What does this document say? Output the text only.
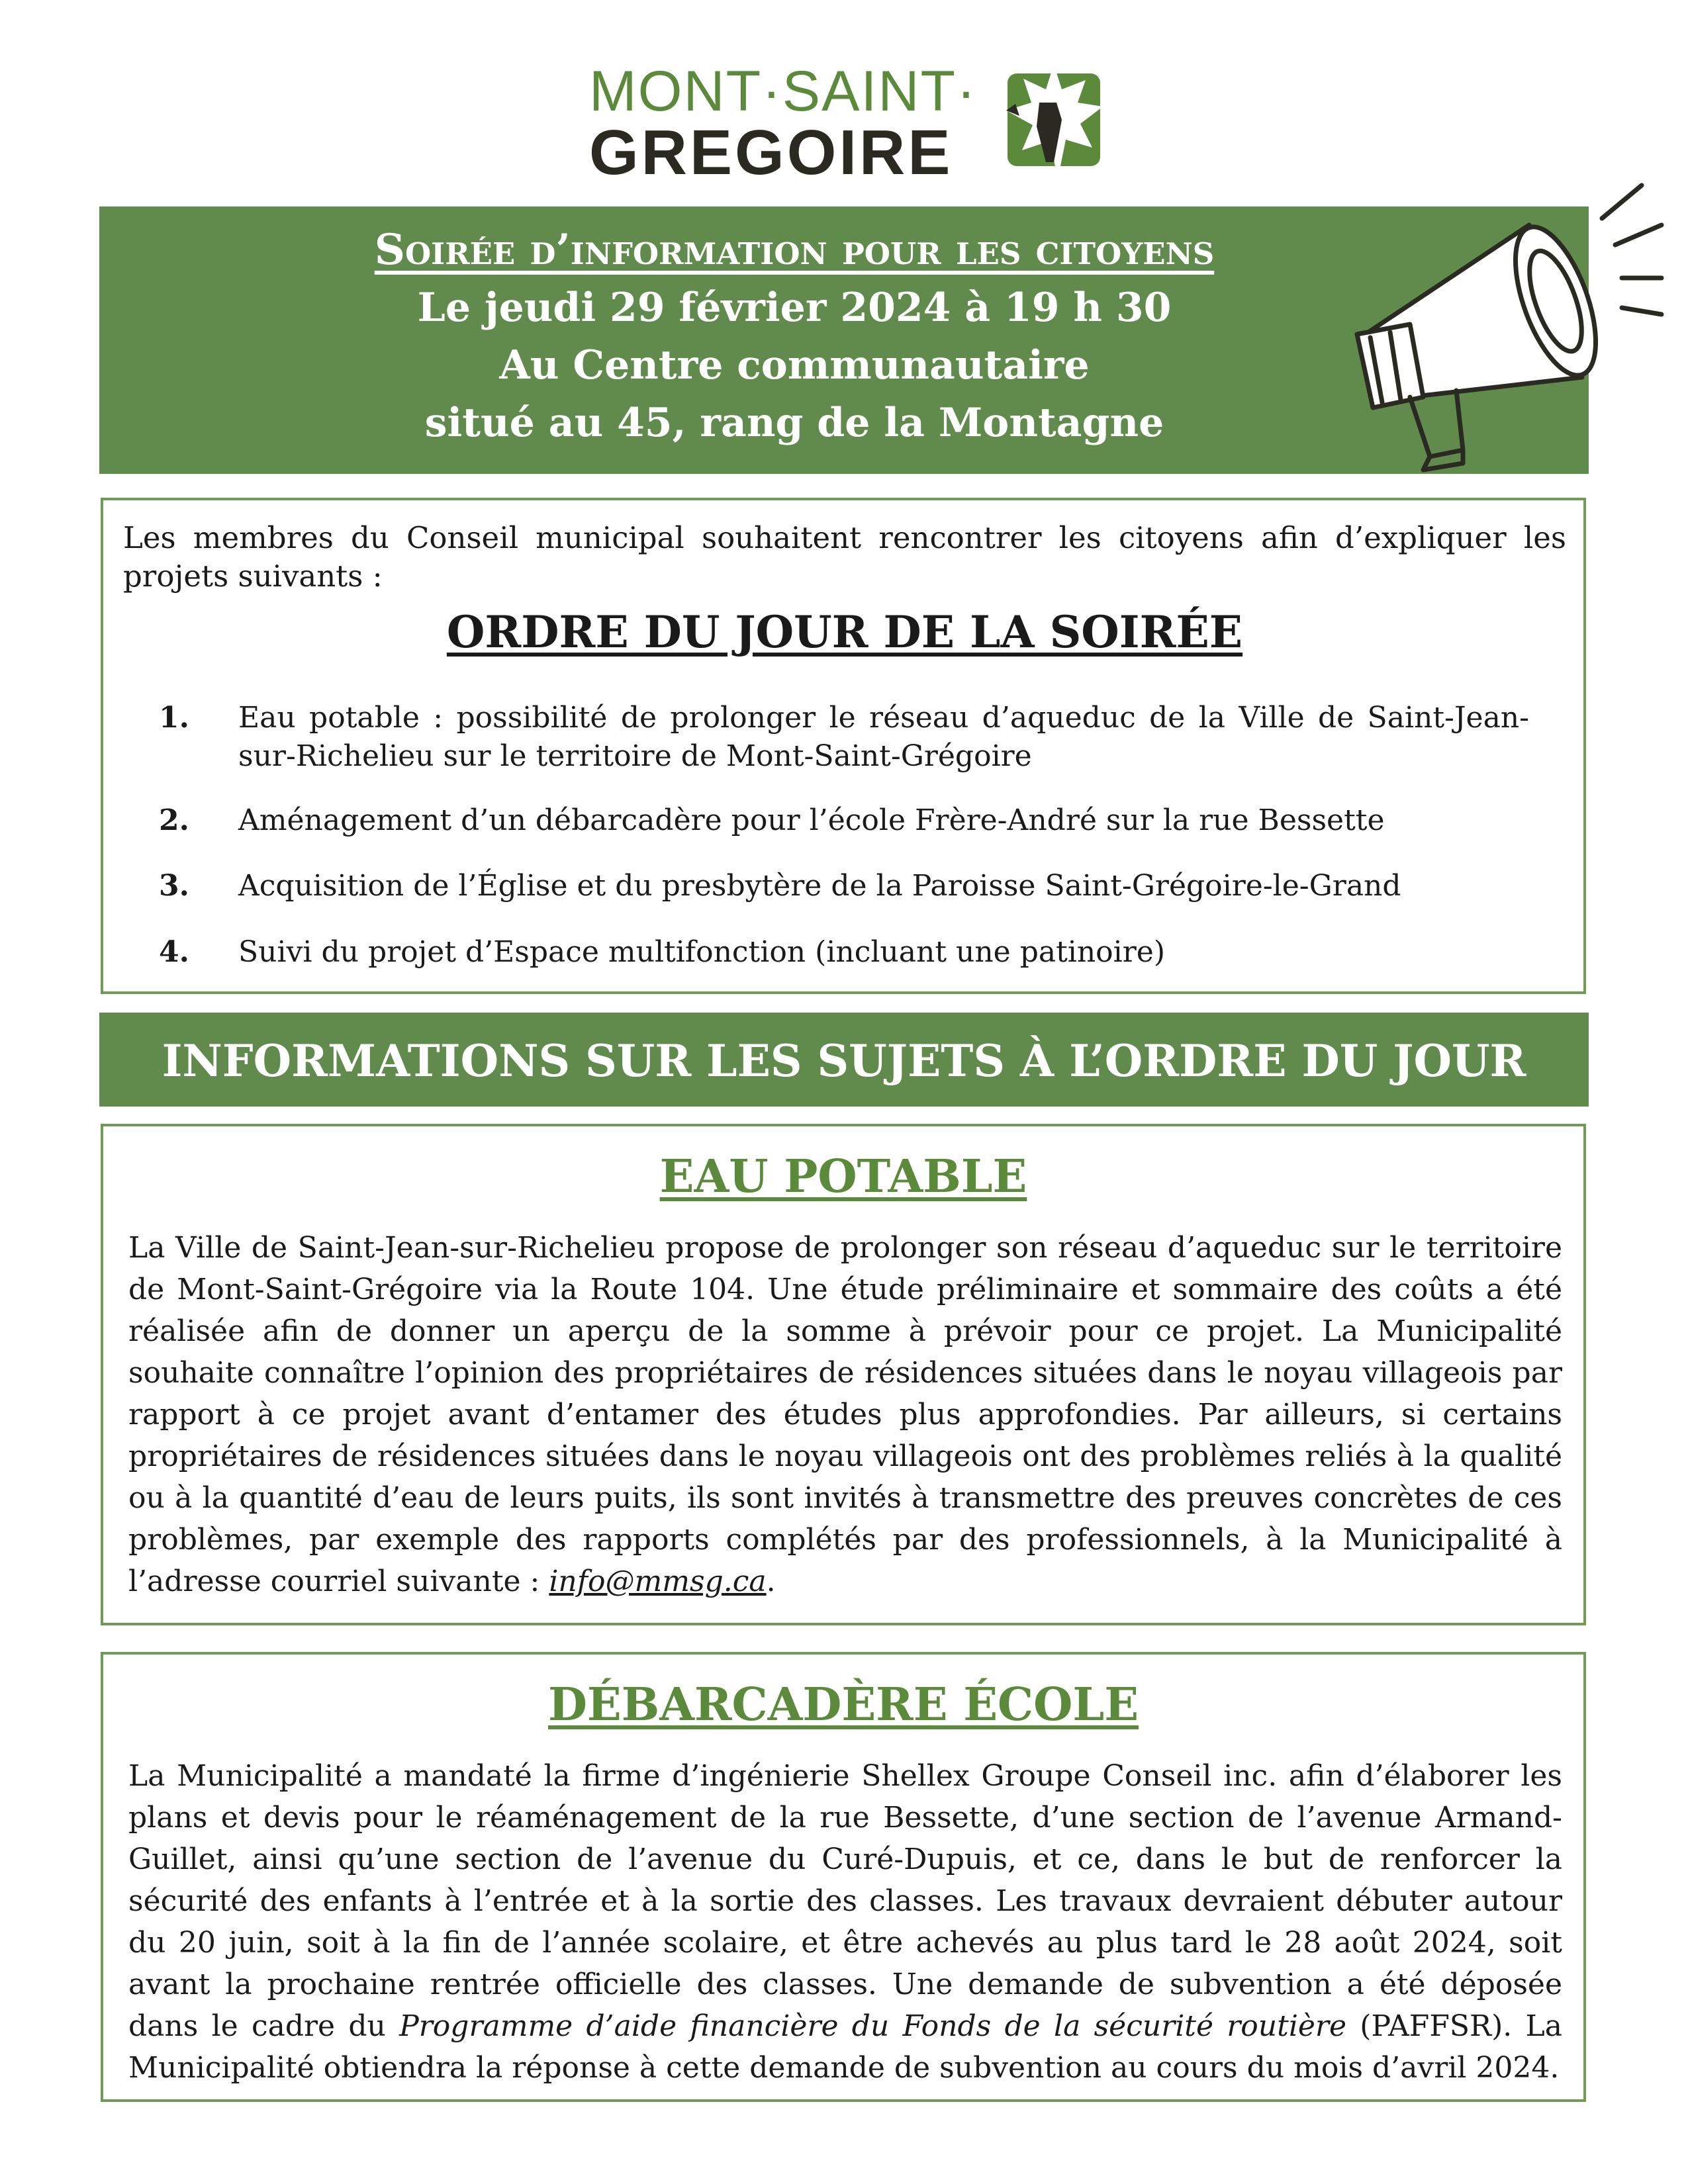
MONT·SAINT·
GREGOIRE
Soirée d’information pour les citoyens
Le jeudi 29 février 2024 à 19 h 30
Au Centre communautaire
situé au 45, rang de la Montagne
Les membres du Conseil municipal souhaitent rencontrer les citoyens afin d’expliquer les projets suivants :
ORDRE DU JOUR DE LA SOIRÉE
1. Eau potable : possibilité de prolonger le réseau d’aqueduc de la Ville de Saint-Jean-sur-Richelieu sur le territoire de Mont-Saint-Grégoire
2. Aménagement d’un débarcadère pour l’école Frère-André sur la rue Bessette
3. Acquisition de l’Église et du presbytère de la Paroisse Saint-Grégoire-le-Grand
4. Suivi du projet d’Espace multifonction (incluant une patinoire)
INFORMATIONS SUR LES SUJETS À L’ORDRE DU JOUR
EAU POTABLE
La Ville de Saint-Jean-sur-Richelieu propose de prolonger son réseau d’aqueduc sur le territoire de Mont-Saint-Grégoire via la Route 104. Une étude préliminaire et sommaire des coûts a été réalisée afin de donner un aperçu de la somme à prévoir pour ce projet. La Municipalité souhaite connaître l’opinion des propriétaires de résidences situées dans le noyau villageois par rapport à ce projet avant d’entamer des études plus approfondies. Par ailleurs, si certains propriétaires de résidences situées dans le noyau villageois ont des problèmes reliés à la qualité ou à la quantité d’eau de leurs puits, ils sont invités à transmettre des preuves concrètes de ces problèmes, par exemple des rapports complétés par des professionnels, à la Municipalité à l’adresse courriel suivante : info@mmsg.ca.
DÉBARCADÈRE ÉCOLE
La Municipalité a mandaté la firme d’ingénierie Shellex Groupe Conseil inc. afin d’élaborer les plans et devis pour le réaménagement de la rue Bessette, d’une section de l’avenue Armand-Guillet, ainsi qu’une section de l’avenue du Curé-Dupuis, et ce, dans le but de renforcer la sécurité des enfants à l’entrée et à la sortie des classes. Les travaux devraient débuter autour du 20 juin, soit à la fin de l’année scolaire, et être achevés au plus tard le 28 août 2024, soit avant la prochaine rentrée officielle des classes. Une demande de subvention a été déposée dans le cadre du Programme d’aide financière du Fonds de la sécurité routière (PAFFSR). La Municipalité obtiendra la réponse à cette demande de subvention au cours du mois d’avril 2024.
